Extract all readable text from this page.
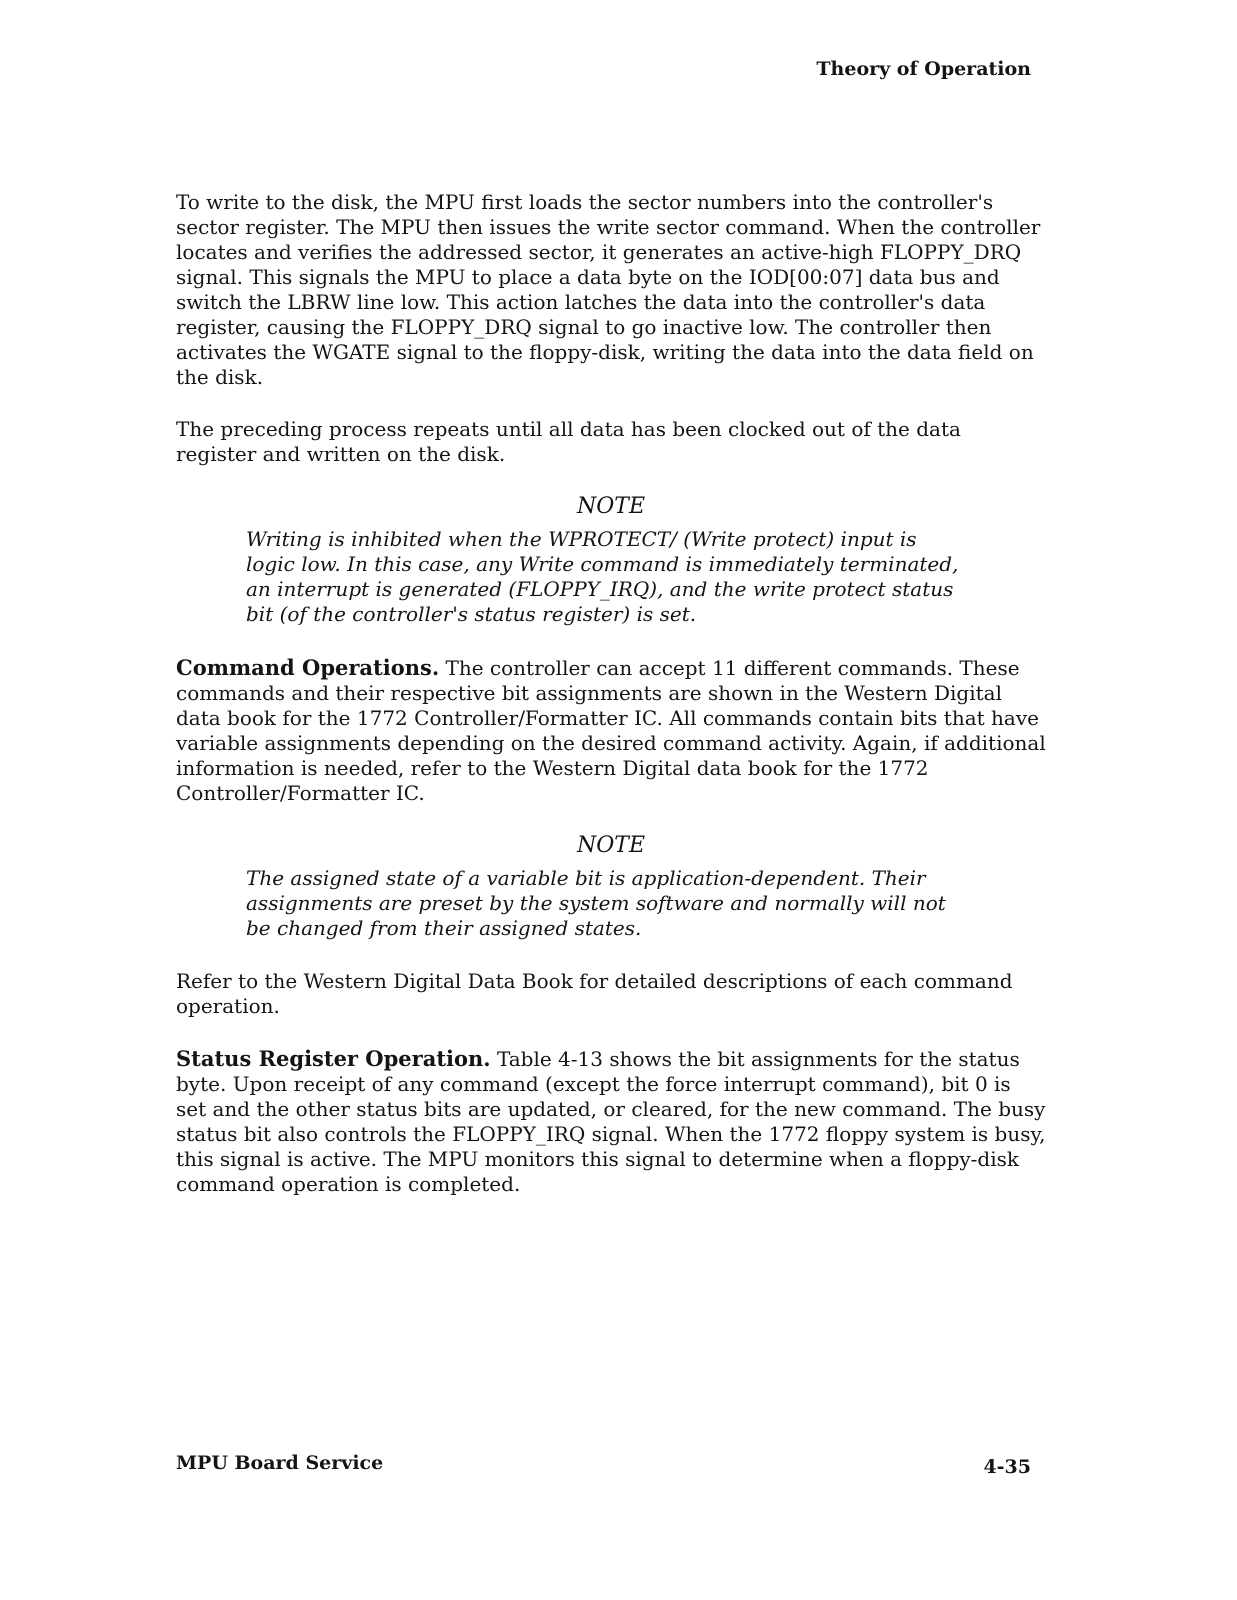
Theory of Operation

To write to the disk, the MPU first loads the sector numbers into the controller's sector register. The MPU then issues the write sector command. When the controller locates and verifies the addressed sector, it generates an active-high FLOPPY_DRQ signal. This signals the MPU to place a data byte on the IOD[00:07] data bus and switch the LBRW line low. This action latches the data into the controller's data register, causing the FLOPPY_DRQ signal to go inactive low. The controller then activates the WGATE signal to the floppy-disk, writing the data into the data field on the disk.

The preceding process repeats until all data has been clocked out of the data register and written on the disk.

NOTE
Writing is inhibited when the WPROTECT/ (Write protect) input is logic low. In this case, any Write command is immediately terminated, an interrupt is generated (FLOPPY_IRQ), and the write protect status bit (of the controller's status register) is set.

Command Operations. The controller can accept 11 different commands. These commands and their respective bit assignments are shown in the Western Digital data book for the 1772 Controller/Formatter IC. All commands contain bits that have variable assignments depending on the desired command activity. Again, if additional information is needed, refer to the Western Digital data book for the 1772 Controller/Formatter IC.

NOTE
The assigned state of a variable bit is application-dependent. Their assignments are preset by the system software and normally will not be changed from their assigned states.

Refer to the Western Digital Data Book for detailed descriptions of each command operation.

Status Register Operation. Table 4-13 shows the bit assignments for the status byte. Upon receipt of any command (except the force interrupt command), bit 0 is set and the other status bits are updated, or cleared, for the new command. The busy status bit also controls the FLOPPY_IRQ signal. When the 1772 floppy system is busy, this signal is active. The MPU monitors this signal to determine when a floppy-disk command operation is completed.

MPU Board Service	4-35
